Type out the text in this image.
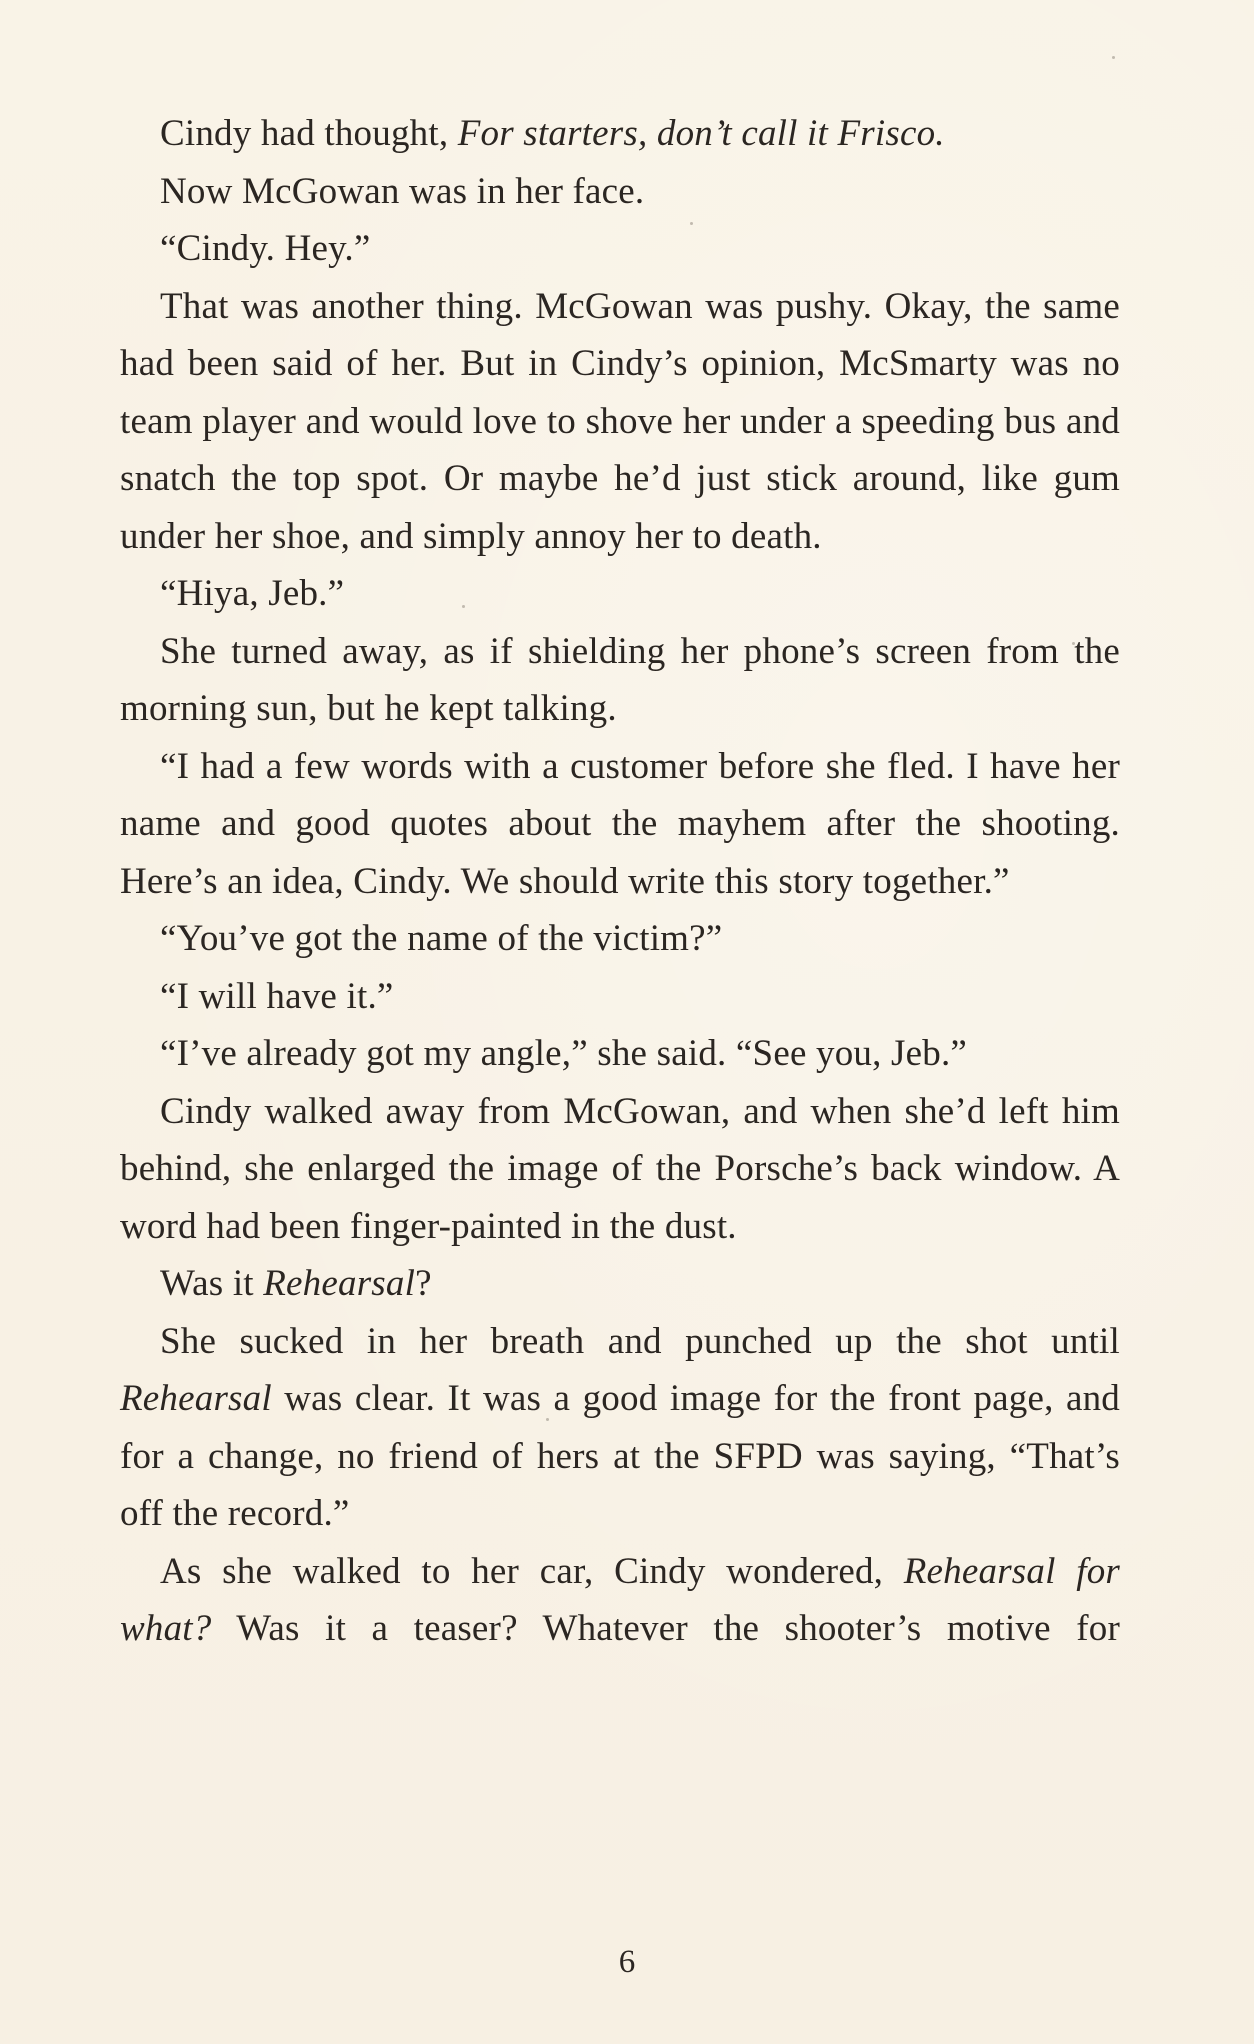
Cindy had thought, For starters, don’t call it Frisco.

Now McGowan was in her face.

“Cindy. Hey.”

That was another thing. McGowan was pushy. Okay, the same had been said of her. But in Cindy’s opinion, McSmarty was no team player and would love to shove her under a speeding bus and snatch the top spot. Or maybe he’d just stick around, like gum under her shoe, and simply annoy her to death.

“Hiya, Jeb.”

She turned away, as if shielding her phone’s screen from the morning sun, but he kept talking.

“I had a few words with a customer before she fled. I have her name and good quotes about the mayhem after the shooting. Here’s an idea, Cindy. We should write this story together.”

“You’ve got the name of the victim?”

“I will have it.”

“I’ve already got my angle,” she said. “See you, Jeb.”

Cindy walked away from McGowan, and when she’d left him behind, she enlarged the image of the Porsche’s back window. A word had been finger-painted in the dust.

Was it Rehearsal?

She sucked in her breath and punched up the shot until Rehearsal was clear. It was a good image for the front page, and for a change, no friend of hers at the SFPD was saying, “That’s off the record.”

As she walked to her car, Cindy wondered, Rehearsal for what? Was it a teaser? Whatever the shooter’s motive for

6
